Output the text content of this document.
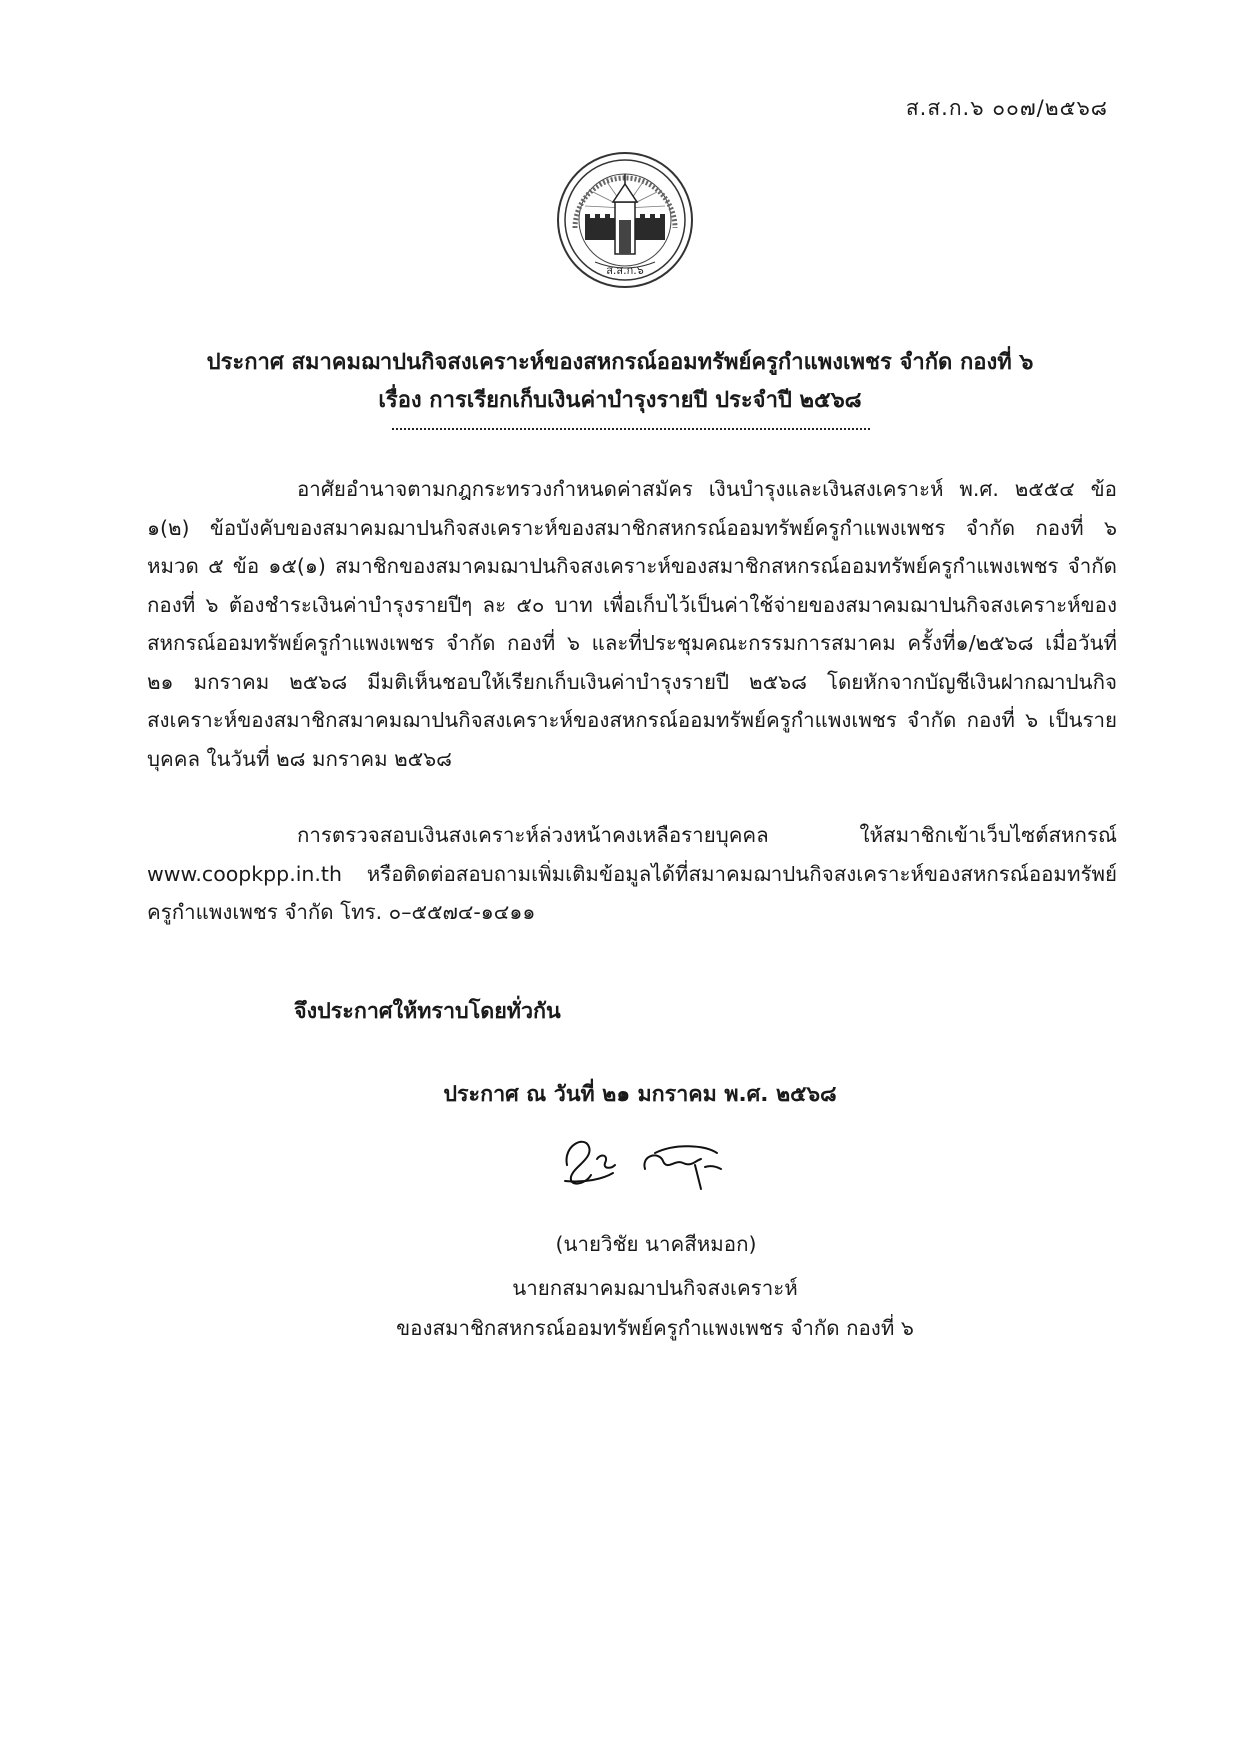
ส.ส.ก.๖ ๐๐๗/๒๕๖๘
ส.ส.ก.๖
ประกาศ สมาคมฌาปนกิจสงเคราะห์ของสหกรณ์ออมทรัพย์ครูกำแพงเพชร จำกัด กองที่ ๖
เรื่อง การเรียกเก็บเงินค่าบำรุงรายปี ประจำปี ๒๕๖๘

อาศัยอำนาจตามกฎกระทรวงกำหนดค่าสมัคร เงินบำรุงและเงินสงเคราะห์ พ.ศ. ๒๕๕๔ ข้อ ๑(๒) ข้อบังคับของสมาคมฌาปนกิจสงเคราะห์ของสมาชิกสหกรณ์ออมทรัพย์ครูกำแพงเพชร จำกัด กองที่ ๖ หมวด ๕ ข้อ ๑๕(๑) สมาชิกของสมาคมฌาปนกิจสงเคราะห์ของสมาชิกสหกรณ์ออมทรัพย์ครูกำแพงเพชร จำกัด กองที่ ๖ ต้องชำระเงินค่าบำรุงรายปีๆ ละ ๕๐ บาท เพื่อเก็บไว้เป็นค่าใช้จ่ายของสมาคมฌาปนกิจสงเคราะห์ของสหกรณ์ออมทรัพย์ครูกำแพงเพชร จำกัด กองที่ ๖ และที่ประชุมคณะกรรมการสมาคม ครั้งที่๑/๒๕๖๘ เมื่อวันที่ ๒๑ มกราคม ๒๕๖๘ มีมติเห็นชอบให้เรียกเก็บเงินค่าบำรุงรายปี ๒๕๖๘ โดยหักจากบัญชีเงินฝากฌาปนกิจสงเคราะห์ของสมาชิกสมาคมฌาปนกิจสงเคราะห์ของสหกรณ์ออมทรัพย์ครูกำแพงเพชร จำกัด กองที่ ๖ เป็นรายบุคคล ในวันที่ ๒๘ มกราคม ๒๕๖๘

การตรวจสอบเงินสงเคราะห์ล่วงหน้าคงเหลือรายบุคคล ให้สมาชิกเข้าเว็บไซต์สหกรณ์ www.coopkpp.in.th หรือติดต่อสอบถามเพิ่มเติมข้อมูลได้ที่สมาคมฌาปนกิจสงเคราะห์ของสหกรณ์ออมทรัพย์ครูกำแพงเพชร จำกัด โทร. ๐–๕๕๗๔-๑๔๑๑

จึงประกาศให้ทราบโดยทั่วกัน
ประกาศ ณ วันที่ ๒๑ มกราคม พ.ศ. ๒๕๖๘
(นายวิชัย นาคสีหมอก)
นายกสมาคมฌาปนกิจสงเคราะห์
ของสมาชิกสหกรณ์ออมทรัพย์ครูกำแพงเพชร จำกัด กองที่ ๖
